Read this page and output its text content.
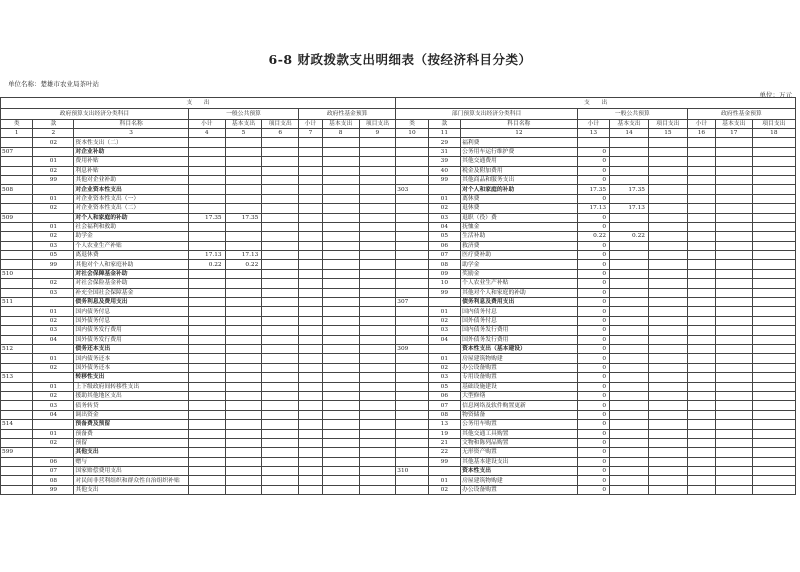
6-8 财政拨款支出明细表（按经济科目分类）
单位名称：楚雄市农业局茶叶站
单位：万元
支　　出									支　　出								
政府预算支出经济分类科目			一般公共预算			政府性基金预算			部门预算支出经济分类科目			一般公共预算			政府性基金预算		
类	款	科目名称	小计	基本支出	项目支出	小计	基本支出	项目支出	类	款	科目名称	小计	基本支出	项目支出	小计	基本支出	项目支出
1	2	3	4	5	6	7	8	9	10	11	12	13	14	15	16	17	18
	02	资本性支出（二）								29	福利费						
507		对企业补助								31	公务用车运行维护费	0					
	01	费用补贴								39	其他交通费用	0					
	02	利息补贴								40	税金及附加费用	0					
	99	其他对企业补助								99	其他商品和服务支出	0					
508		对企业资本性支出							303		对个人和家庭的补助	17.35	17.35				
	01	对企业资本性支出（一）								01	离休费	0					
	02	对企业资本性支出（二）								02	退休费	17.13	17.13				
509		对个人和家庭的补助	17.35	17.35						03	退职（役）费	0					
	01	社会福利和救助								04	抚恤金	0					
	02	助学金								05	生活补助	0.22	0.22				
	03	个人农业生产补贴								06	救济费	0					
	05	离退休费	17.13	17.13						07	医疗费补助	0					
	99	其他对个人和家庭补助	0.22	0.22						08	助学金	0					
510		对社会保障基金补助								09	奖励金	0					
	02	对社会保险基金补助								10	个人农业生产补贴	0					
	03	补充全国社会保障基金								99	其他对个人和家庭的补助	0					
511		债务利息及费用支出							307		债务利息及费用支出	0					
	01	国内债务付息								01	国内债务付息	0					
	02	国外债务付息								02	国外债务付息	0					
	03	国内债务发行费用								03	国内债务发行费用	0					
	04	国外债务发行费用								04	国外债务发行费用	0					
512		债务还本支出							309		资本性支出（基本建设）	0					
	01	国内债务还本								01	房屋建筑物购建	0					
	02	国外债务还本								02	办公设备购置	0					
513		转移性支出								03	专用设备购置	0					
	01	上下级政府间转移性支出								05	基础设施建设	0					
	02	援助其他地区支出								06	大型修缮	0					
	03	债务转贷								07	信息网络及软件购置更新	0					
	04	调出资金								08	物资储备	0					
514		预备费及预留								13	公务用车购置	0					
	01	预备费								19	其他交通工具购置	0					
	02	预留								21	文物和陈列品购置	0					
599		其他支出								22	无形资产购置	0					
	06	赠与								99	其他基本建设支出	0					
	07	国家赔偿费用支出							310		资本性支出	0					
	08	对民间非营利组织和群众性自治组织补贴								01	房屋建筑物购建	0					
	99	其他支出								02	办公设备购置	0					
